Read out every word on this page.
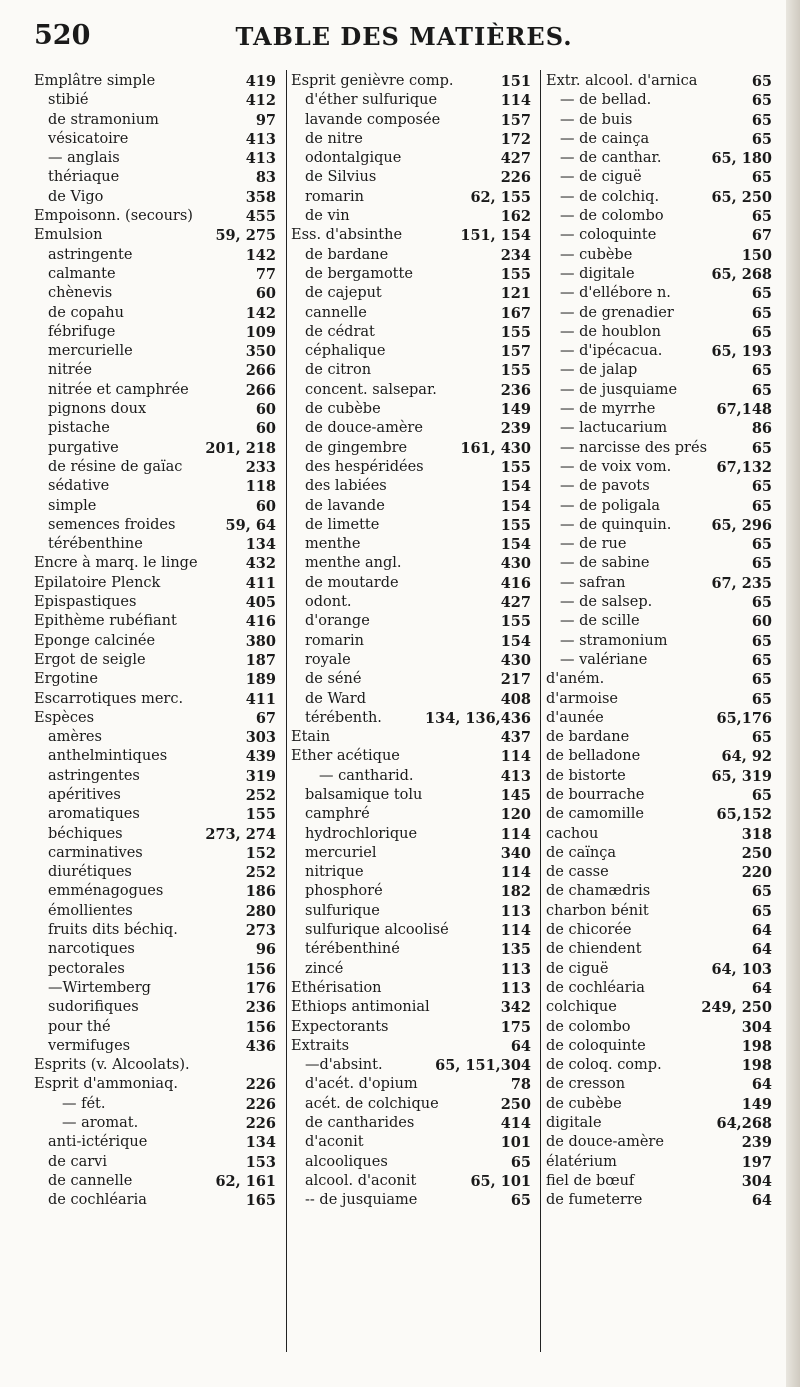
520	TABLE DES MATIÈRES.
Emplâtre simple	419
stibié	412
de stramonium	97
vésicatoire	413
— anglais	413
thériaque	83
de Vigo	358
Empoisonn. (secours)	455
Emulsion	59, 275
astringente	142
calmante	77
chènevis	60
de copahu	142
fébrifuge	109
mercurielle	350
nitrée	266
nitrée et camphrée	266
pignons doux	60
pistache	60
purgative	201, 218
de résine de gaïac	233
sédative	118
simple	60
semences froides	59, 64
térébenthine	134
Encre à marq. le linge	432
Epilatoire Plenck	411
Epispastiques	405
Epithème rubéfiant	416
Eponge calcinée	380
Ergot de seigle	187
Ergotine	189
Escarrotiques merc.	411
Espèces	67
amères	303
anthelmintiques	439
astringentes	319
apéritives	252
aromatiques	155
béchiques	273, 274
carminatives	152
diurétiques	252
emménagogues	186
émollientes	280
fruits dits béchiq.	273
narcotiques	96
pectorales	156
—Wirtemberg	176
sudorifiques	236
pour thé	156
vermifuges	436
Esprits (v. Alcoolats).
Esprit d'ammoniaq.	226
— fét.	226
— aromat.	226
anti-ictérique	134
de carvi	153
de cannelle	62, 161
de cochléaria	165
Esprit genièvre comp.	151
d'éther sulfurique	114
lavande composée	157
de nitre	172
odontalgique	427
de Silvius	226
romarin	62, 155
de vin	162
Ess. d'absinthe	151, 154
de bardane	234
de bergamotte	155
de cajeput	121
cannelle	167
de cédrat	155
céphalique	157
de citron	155
concent. salsepar.	236
de cubèbe	149
de douce-amère	239
de gingembre	161, 430
des hespéridées	155
des labiées	154
de lavande	154
de limette	155
menthe	154
menthe angl.	430
de moutarde	416
odont.	427
d'orange	155
romarin	154
royale	430
de séné	217
de Ward	408
térébenth.	134, 136,436
Etain	437
Ether acétique	114
— cantharid.	413
balsamique tolu	145
camphré	120
hydrochlorique	114
mercuriel	340
nitrique	114
phosphoré	182
sulfurique	113
sulfurique alcoolisé	114
térébenthiné	135
zincé	113
Ethérisation	113
Ethiops antimonial	342
Expectorants	175
Extraits	64
—d'absint.	65, 151,304
d'acét. d'opium	78
acét. de colchique	250
de cantharides	414
d'aconit	101
alcooliques	65
alcool. d'aconit	65, 101
-- de jusquiame	65
Extr. alcool. d'arnica	65
— de bellad.	65
— de buis	65
— de cainça	65
— de canthar.	65, 180
— de ciguë	65
— de colchiq.	65, 250
— de colombo	65
— coloquinte	67
— cubèbe	150
— digitale	65, 268
— d'ellébore n.	65
— de grenadier	65
— de houblon	65
— d'ipécacua.	65, 193
— de jalap	65
— de jusquiame	65
— de myrrhe	67,148
— lactucarium	86
— narcisse des prés	65
— de voix vom.	67,132
— de pavots	65
— de poligala	65
— de quinquin.	65, 296
— de rue	65
— de sabine	65
— safran	67, 235
— de salsep.	65
— de scille	60
— stramonium	65
— valériane	65
d'aném.	65
d'armoise	65
d'aunée	65,176
de bardane	65
de belladone	64, 92
de bistorte	65, 319
de bourrache	65
de camomille	65,152
cachou	318
de caïnça	250
de casse	220
de chamædris	65
charbon bénit	65
de chicorée	64
de chiendent	64
de ciguë	64, 103
de cochléaria	64
colchique	249, 250
de colombo	304
de coloquinte	198
de coloq. comp.	198
de cresson	64
de cubèbe	149
digitale	64,268
de douce-amère	239
élatérium	197
fiel de bœuf	304
de fumeterre	64
